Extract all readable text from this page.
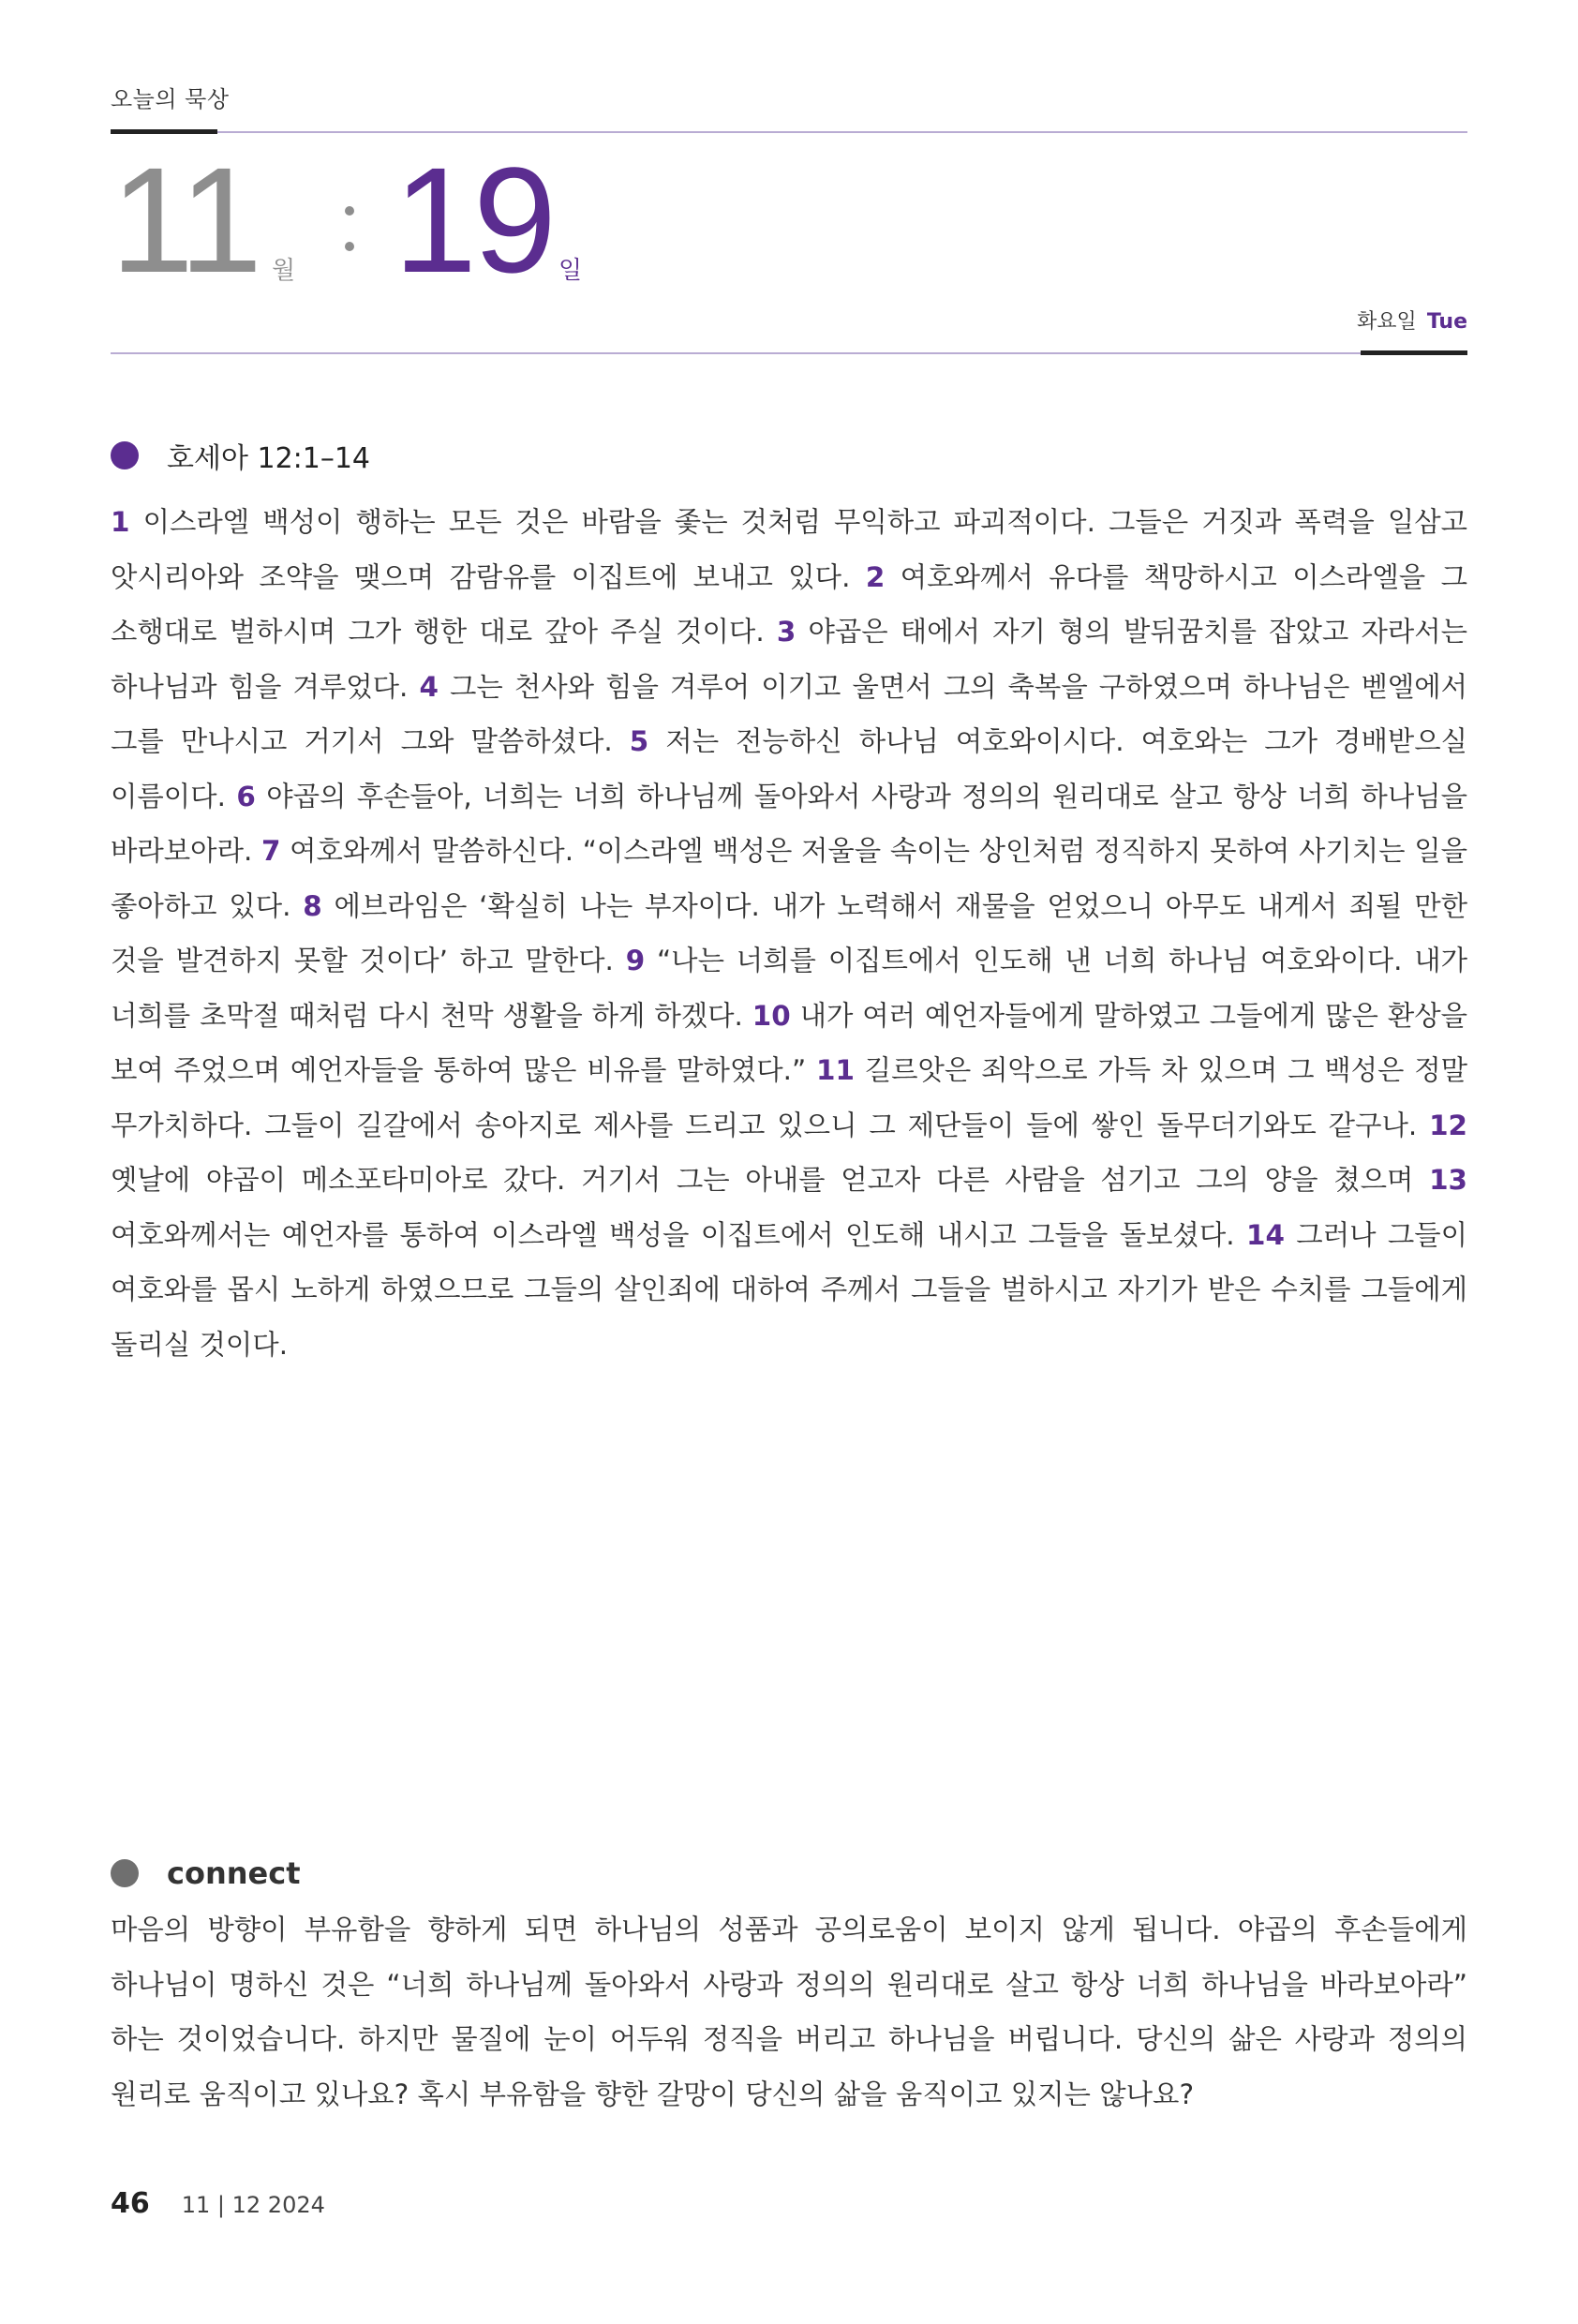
오늘의 묵상
11 월 19 일
화요일 Tue
호세아 12:1–14
1 이스라엘 백성이 행하는 모든 것은 바람을 좇는 것처럼 무익하고 파괴적이다. 그들은 거짓과 폭력을 일삼고 앗시리아와 조약을 맺으며 감람유를 이집트에 보내고 있다. 2 여호와께서 유다를 책망하시고 이스라엘을 그 소행대로 벌하시며 그가 행한 대로 갚아 주실 것이다. 3 야곱은 태에서 자기 형의 발뒤꿈치를 잡았고 자라서는 하나님과 힘을 겨루었다. 4 그는 천사와 힘을 겨루어 이기고 울면서 그의 축복을 구하였으며 하나님은 벧엘에서 그를 만나시고 거기서 그와 말씀하셨다. 5 저는 전능하신 하나님 여호와이시다. 여호와는 그가 경배받으실 이름이다. 6 야곱의 후손들아, 너희는 너희 하나님께 돌아와서 사랑과 정의의 원리대로 살고 항상 너희 하나님을 바라보아라. 7 여호와께서 말씀하신다. “이스라엘 백성은 저울을 속이는 상인처럼 정직하지 못하여 사기치는 일을 좋아하고 있다. 8 에브라임은 ‘확실히 나는 부자이다. 내가 노력해서 재물을 얻었으니 아무도 내게서 죄될 만한 것을 발견하지 못할 것이다’ 하고 말한다. 9 “나는 너희를 이집트에서 인도해 낸 너희 하나님 여호와이다. 내가 너희를 초막절 때처럼 다시 천막 생활을 하게 하겠다. 10 내가 여러 예언자들에게 말하였고 그들에게 많은 환상을 보여 주었으며 예언자들을 통하여 많은 비유를 말하였다.” 11 길르앗은 죄악으로 가득 차 있으며 그 백성은 정말 무가치하다. 그들이 길갈에서 송아지로 제사를 드리고 있으니 그 제단들이 들에 쌓인 돌무더기와도 같구나. 12 옛날에 야곱이 메소포타미아로 갔다. 거기서 그는 아내를 얻고자 다른 사람을 섬기고 그의 양을 쳤으며 13 여호와께서는 예언자를 통하여 이스라엘 백성을 이집트에서 인도해 내시고 그들을 돌보셨다. 14 그러나 그들이 여호와를 몹시 노하게 하였으므로 그들의 살인죄에 대하여 주께서 그들을 벌하시고 자기가 받은 수치를 그들에게 돌리실 것이다.
connect
마음의 방향이 부유함을 향하게 되면 하나님의 성품과 공의로움이 보이지 않게 됩니다. 야곱의 후손들에게 하나님이 명하신 것은 “너희 하나님께 돌아와서 사랑과 정의의 원리대로 살고 항상 너희 하나님을 바라보아라” 하는 것이었습니다. 하지만 물질에 눈이 어두워 정직을 버리고 하나님을 버립니다. 당신의 삶은 사랑과 정의의 원리로 움직이고 있나요? 혹시 부유함을 향한 갈망이 당신의 삶을 움직이고 있지는 않나요?
46 11 | 12 2024
